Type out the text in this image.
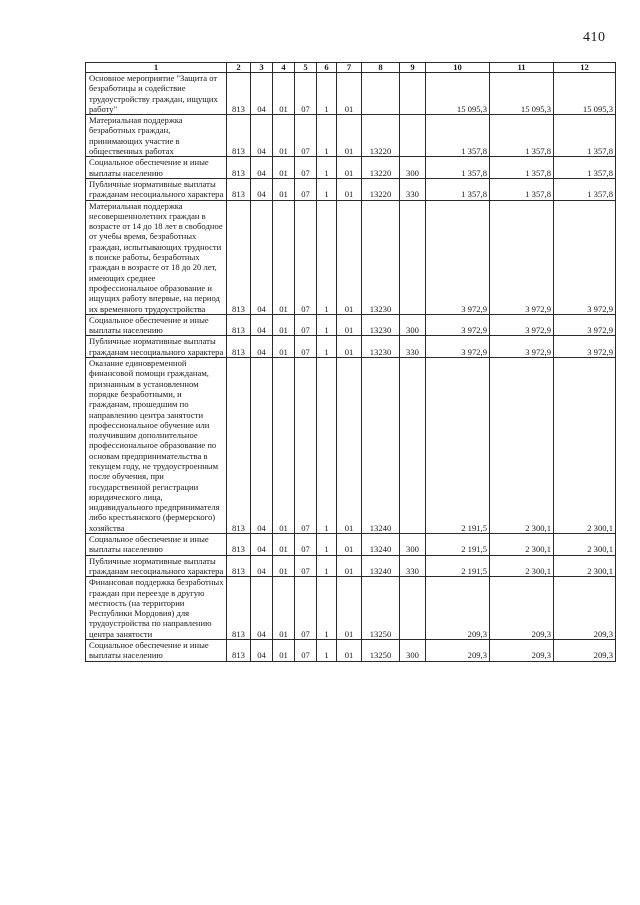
410
1	2	3	4	5	6	7	8	9	10	11	12
Основное мероприятие "Защита от безработицы и содействие трудоустройству граждан, ищущих работу"	813	04	01	07	1	01			15 095,3	15 095,3	15 095,3
Материальная поддержка безработных граждан, принимающих участие в общественных работах	813	04	01	07	1	01	13220		1 357,8	1 357,8	1 357,8
Социальное обеспечение и иные выплаты населению	813	04	01	07	1	01	13220	300	1 357,8	1 357,8	1 357,8
Публичные нормативные выплаты гражданам несоциального характера	813	04	01	07	1	01	13220	330	1 357,8	1 357,8	1 357,8
Материальная поддержка несовершеннолетних граждан в возрасте от 14 до 18 лет в свободное от учебы время, безработных граждан, испытывающих трудности в поиске работы, безработных граждан в возрасте от 18 до 20 лет, имеющих среднее профессиональное образование и ищущих работу впервые, на период их временного трудоустройства	813	04	01	07	1	01	13230		3 972,9	3 972,9	3 972,9
Социальное обеспечение и иные выплаты населению	813	04	01	07	1	01	13230	300	3 972,9	3 972,9	3 972,9
Публичные нормативные выплаты гражданам несоциального характера	813	04	01	07	1	01	13230	330	3 972,9	3 972,9	3 972,9
Оказание единовременной финансовой помощи гражданам, признанным в установленном порядке безработными, и гражданам, прошедшим по направлению центра занятости профессиональное обучение или получившим дополнительное профессиональное образование по основам предпринимательства в текущем году, не трудоустроенным после обучения, при государственной регистрации юридического лица, индивидуального предпринимателя либо крестьянского (фермерского) хозяйства	813	04	01	07	1	01	13240		2 191,5	2 300,1	2 300,1
Социальное обеспечение и иные выплаты населению	813	04	01	07	1	01	13240	300	2 191,5	2 300,1	2 300,1
Публичные нормативные выплаты гражданам несоциального характера	813	04	01	07	1	01	13240	330	2 191,5	2 300,1	2 300,1
Финансовая поддержка безработных граждан при переезде в другую местность (на территории Республики Мордовия) для трудоустройства по направлению центра занятости	813	04	01	07	1	01	13250		209,3	209,3	209,3
Социальное обеспечение и иные выплаты населению	813	04	01	07	1	01	13250	300	209,3	209,3	209,3
